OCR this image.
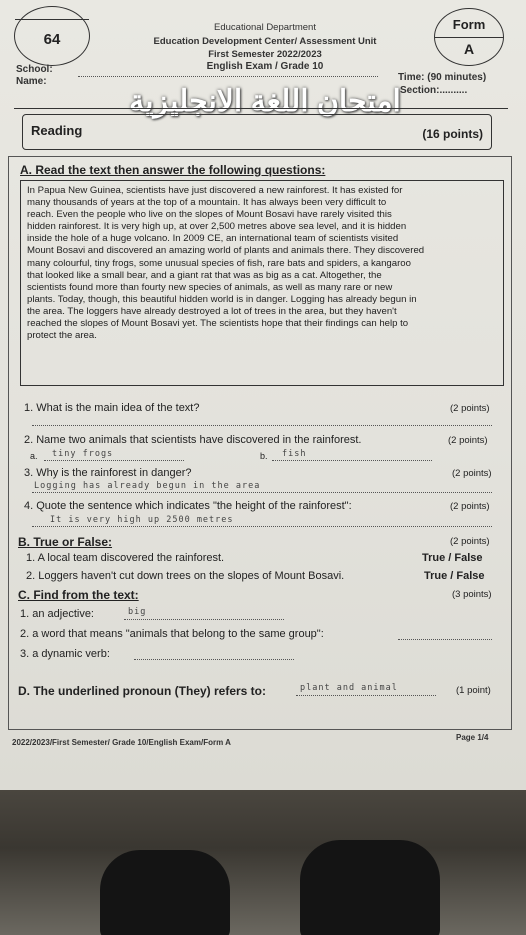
64
Educational Department
Education Development Center/ Assessment Unit
First Semester 2022/2023
English Exam / Grade 10
Form
A
School:
Name:	Time: (90 minutes)
Section:..........
امتحان اللغة الانجليزية
Reading	(16 points)
A. Read the text then answer the following questions:
In Papua New Guinea, scientists have just discovered a new rainforest. It has existed for
many thousands of years at the top of a mountain. It has always been very difficult to
reach. Even the people who live on the slopes of Mount Bosavi have rarely visited this
hidden rainforest. It is very high up, at over 2,500 metres above sea level, and it is hidden
inside the hole of a huge volcano. In 2009 CE, an international team of scientists visited
Mount Bosavi and discovered an amazing world of plants and animals there. They discovered
many colourful, tiny frogs, some unusual species of fish, rare bats and spiders, a kangaroo
that looked like a small bear, and a giant rat that was as big as a cat. Altogether, the
scientists found more than fourty new species of animals, as well as many rare or new
plants. Today, though, this beautiful hidden world is in danger. Logging has already begun in
the area. The loggers have already destroyed a lot of trees in the area, but they haven't
reached the slopes of Mount Bosavi yet. The scientists hope that their findings can help to
protect the area.
1. What is the main idea of the text?	(2 points)
2. Name two animals that scientists have discovered in the rainforest.	(2 points)
a. tiny frogs	b. fish
3. Why is the rainforest in danger?	(2 points)
Logging has already begun in the area
4. Quote the sentence which indicates "the height of the rainforest":	(2 points)
It is very high up 2500 metres
B. True or False:	(2 points)
1. A local team discovered the rainforest.	True / False
2. Loggers haven't cut down trees on the slopes of Mount Bosavi.	True / False
C. Find from the text:	(3 points)
1. an adjective:	big
2. a word that means "animals that belong to the same group":
3. a dynamic verb:
D. The underlined pronoun (They) refers to:	plant and animal	(1 point)
2022/2023/First Semester/ Grade 10/English Exam/Form A
Page 1/4
